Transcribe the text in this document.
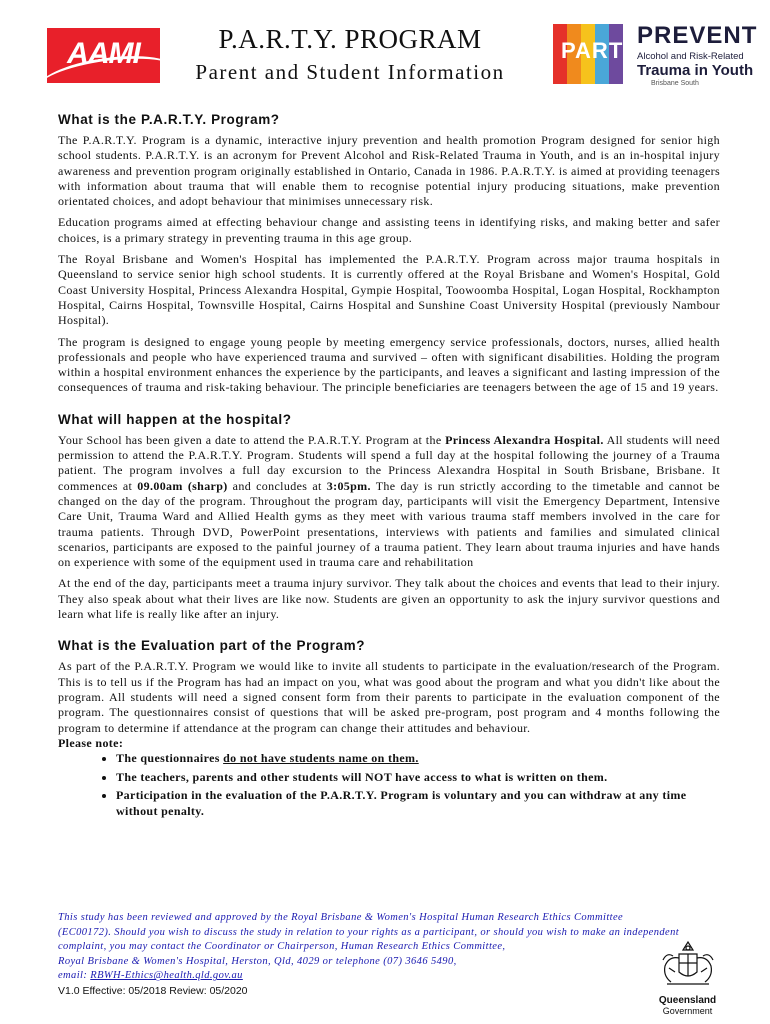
AAMI	P.A.R.T.Y. PROGRAM
Parent and Student Information
PART
PREVENT
Alcohol and Risk-Related
Trauma in Youth
Brisbane South
What is the P.A.R.T.Y. Program?

The P.A.R.T.Y. Program is a dynamic, interactive injury prevention and health promotion Program designed for senior high school students. P.A.R.T.Y. is an acronym for Prevent Alcohol and Risk-Related Trauma in Youth, and is an in-hospital injury awareness and prevention program originally established in Ontario, Canada in 1986. P.A.R.T.Y. is aimed at providing teenagers with information about trauma that will enable them to recognise potential injury producing situations, make prevention orientated choices, and adopt behaviour that minimises unnecessary risk.

Education programs aimed at effecting behaviour change and assisting teens in identifying risks, and making better and safer choices, is a primary strategy in preventing trauma in this age group.

The Royal Brisbane and Women's Hospital has implemented the P.A.R.T.Y. Program across major trauma hospitals in Queensland to service senior high school students. It is currently offered at the Royal Brisbane and Women's Hospital, Gold Coast University Hospital, Princess Alexandra Hospital, Gympie Hospital, Toowoomba Hospital, Logan Hospital, Rockhampton Hospital, Cairns Hospital, Townsville Hospital, Cairns Hospital and Sunshine Coast University Hospital (previously Nambour Hospital).

The program is designed to engage young people by meeting emergency service professionals, doctors, nurses, allied health professionals and people who have experienced trauma and survived – often with significant disabilities. Holding the program within a hospital environment enhances the experience by the participants, and leaves a significant and lasting impression of the consequences of trauma and risk-taking behaviour. The principle beneficiaries are teenagers between the age of 15 and 19 years.

What will happen at the hospital?

Your School has been given a date to attend the P.A.R.T.Y. Program at the Princess Alexandra Hospital. All students will need permission to attend the P.A.R.T.Y. Program. Students will spend a full day at the hospital following the journey of a Trauma patient. The program involves a full day excursion to the Princess Alexandra Hospital in South Brisbane, Brisbane. It commences at 09.00am (sharp) and concludes at 3:05pm. The day is run strictly according to the timetable and cannot be changed on the day of the program. Throughout the program day, participants will visit the Emergency Department, Intensive Care Unit, Trauma Ward and Allied Health gyms as they meet with various trauma staff members involved in the care for trauma patients. Through DVD, PowerPoint presentations, interviews with patients and families and simulated clinical scenarios, participants are exposed to the painful journey of a trauma patient. They learn about trauma injuries and have hands on experience with some of the equipment used in trauma care and rehabilitation

At the end of the day, participants meet a trauma injury survivor. They talk about the choices and events that lead to their injury. They also speak about what their lives are like now. Students are given an opportunity to ask the injury survivor questions and learn what life is really like after an injury.

What is the Evaluation part of the Program?

As part of the P.A.R.T.Y. Program we would like to invite all students to participate in the evaluation/research of the Program. This is to tell us if the Program has had an impact on you, what was good about the program and what you didn't like about the program. All students will need a signed consent form from their parents to participate in the evaluation component of the program. The questionnaires consist of questions that will be asked pre-program, post program and 4 months following the program to determine if attendance at the program can change their attitudes and behaviour.
Please note:

• The questionnaires do not have students name on them.
• The teachers, parents and other students will NOT have access to what is written on them.
• Participation in the evaluation of the P.A.R.T.Y. Program is voluntary and you can withdraw at any time without penalty.
This study has been reviewed and approved by the Royal Brisbane & Women's Hospital Human Research Ethics Committee
(EC00172). Should you wish to discuss the study in relation to your rights as a participant, or should you wish to make an independent
complaint, you may contact the Coordinator or Chairperson, Human Research Ethics Committee,
Royal Brisbane & Women's Hospital, Herston, Qld, 4029 or telephone (07) 3646 5490,
email: RBWH-Ethics@health.qld.gov.au
V1.0 Effective: 05/2018 Review: 05/2020
Queensland
Government
